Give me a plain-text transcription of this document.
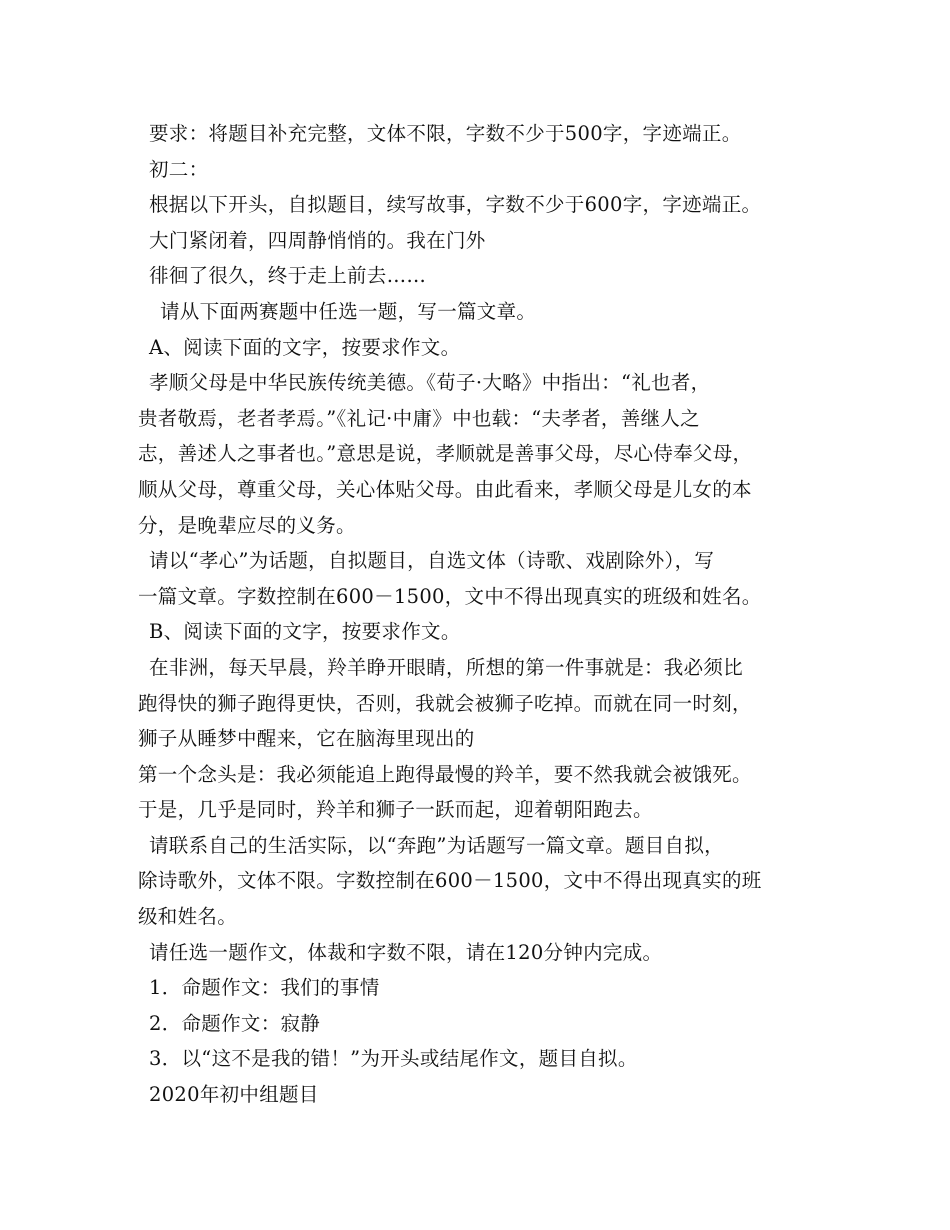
要求：将题目补充完整，文体不限，字数不少于500字，字迹端正。
初二：
根据以下开头，自拟题目，续写故事，字数不少于600字，字迹端正。
大门紧闭着，四周静悄悄的。我在门外
徘徊了很久，终于走上前去……
请从下面两赛题中任选一题，写一篇文章。
A、阅读下面的文字，按要求作文。
孝顺父母是中华民族传统美德。《荀子·大略》中指出：“礼也者，
贵者敬焉，老者孝焉。”《礼记·中庸》中也载：“夫孝者，善继人之
志，善述人之事者也。”意思是说，孝顺就是善事父母，尽心侍奉父母，
顺从父母，尊重父母，关心体贴父母。由此看来，孝顺父母是儿女的本
分，是晚辈应尽的义务。
请以“孝心”为话题，自拟题目，自选文体（诗歌、戏剧除外），写
一篇文章。字数控制在600－1500，文中不得出现真实的班级和姓名。
B、阅读下面的文字，按要求作文。
在非洲，每天早晨，羚羊睁开眼睛，所想的第一件事就是：我必须比
跑得快的狮子跑得更快，否则，我就会被狮子吃掉。而就在同一时刻，
狮子从睡梦中醒来，它在脑海里现出的
第一个念头是：我必须能追上跑得最慢的羚羊，要不然我就会被饿死。
于是，几乎是同时，羚羊和狮子一跃而起，迎着朝阳跑去。
请联系自己的生活实际，以“奔跑”为话题写一篇文章。题目自拟，
除诗歌外，文体不限。字数控制在600－1500，文中不得出现真实的班
级和姓名。
请任选一题作文，体裁和字数不限，请在120分钟内完成。
1．命题作文：我们的事情
2．命题作文：寂静
3．以“这不是我的错！”为开头或结尾作文，题目自拟。
2020年初中组题目
